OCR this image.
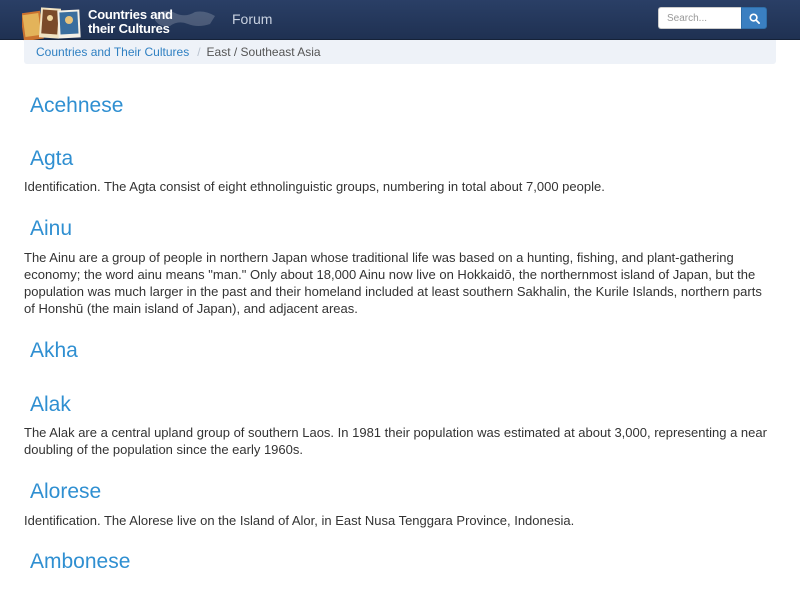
Countries and
their Cultures
Forum
Search...
Countries and Their Cultures / East / Southeast Asia
Acehnese
Agta

Identification. The Agta consist of eight ethnolinguistic groups, numbering in total about 7,000 people.

Ainu

The Ainu are a group of people in northern Japan whose traditional life was based on a hunting, fishing, and plant-gathering economy; the word ainu means "man." Only about 18,000 Ainu now live on Hokkaidō, the northernmost island of Japan, but the population was much larger in the past and their homeland included at least southern Sakhalin, the Kurile Islands, northern parts of Honshū (the main island of Japan), and adjacent areas.

Akha
Alak

The Alak are a central upland group of southern Laos. In 1981 their population was estimated at about 3,000, representing a near doubling of the population since the early 1960s.

Alorese

Identification. The Alorese live on the Island of Alor, in East Nusa Tenggara Province, Indonesia.

Ambonese
